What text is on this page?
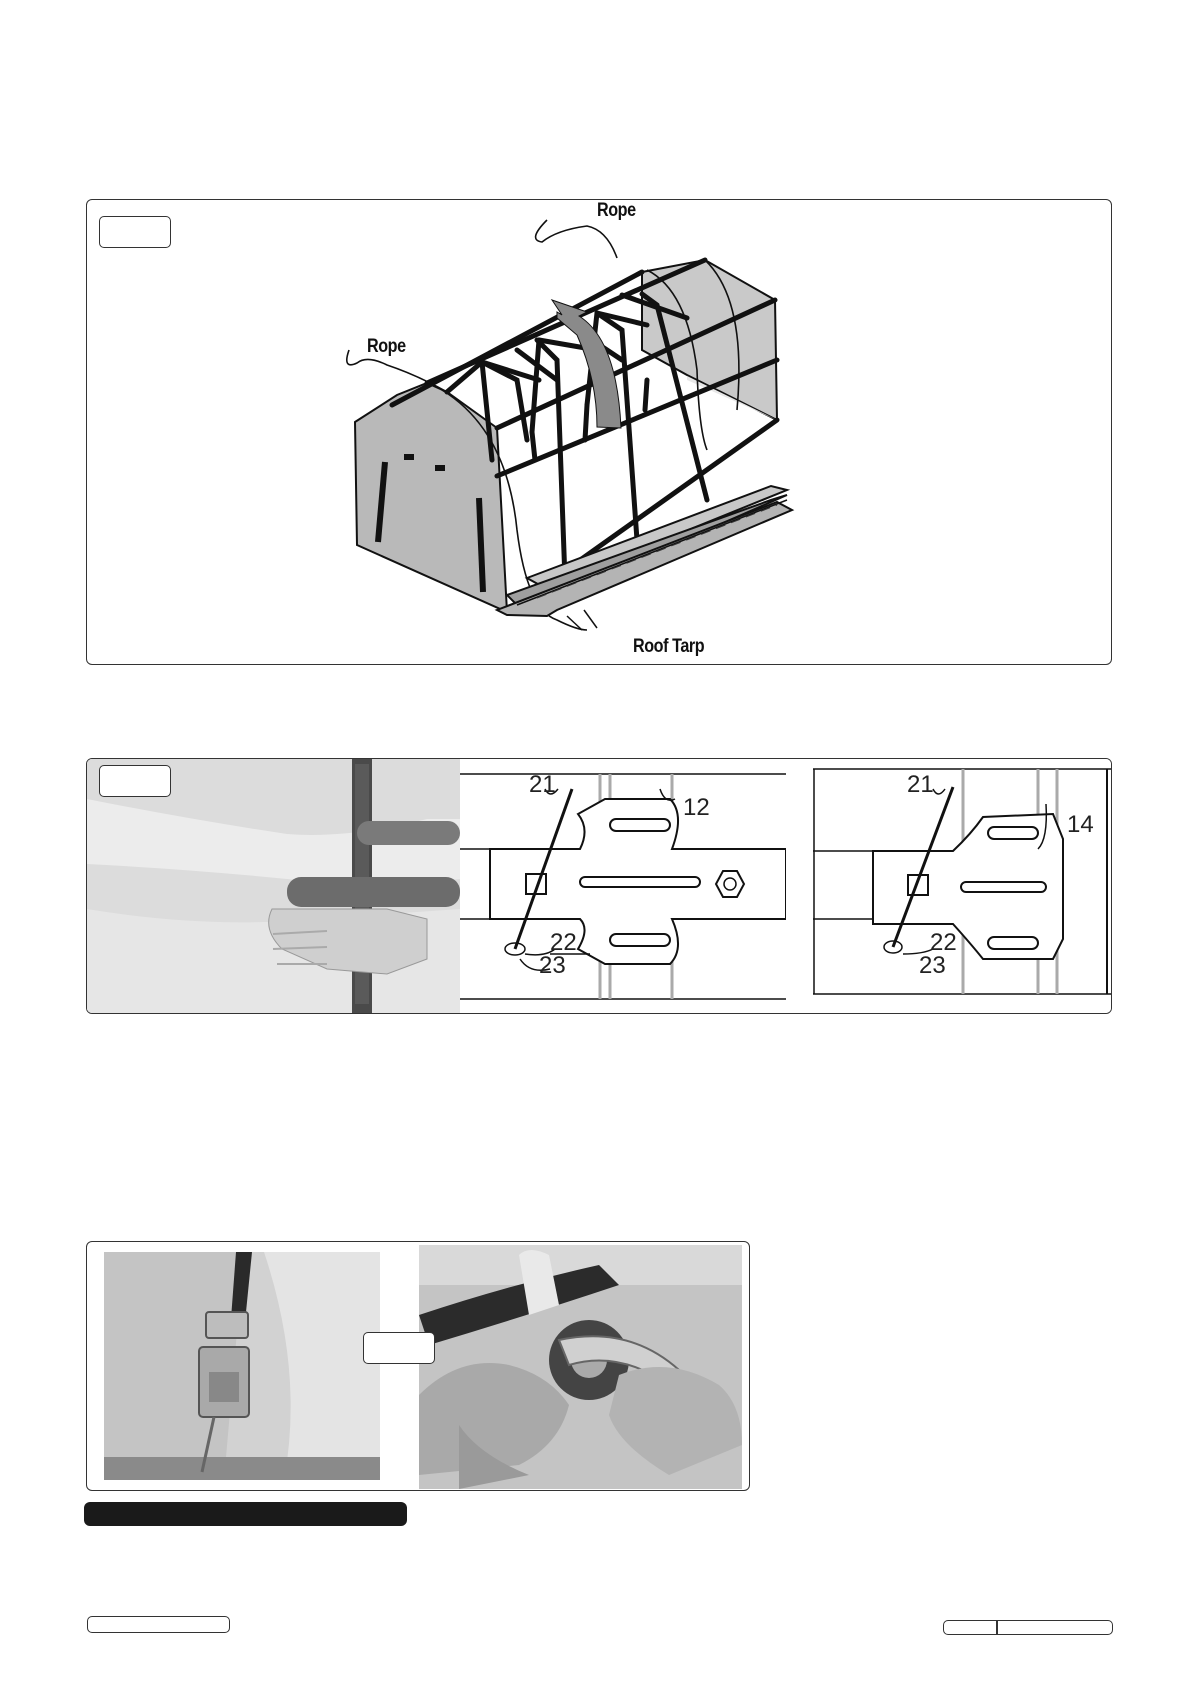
Rope
Rope
Roof Tarp
21
12
22
23
21
14
22
23
